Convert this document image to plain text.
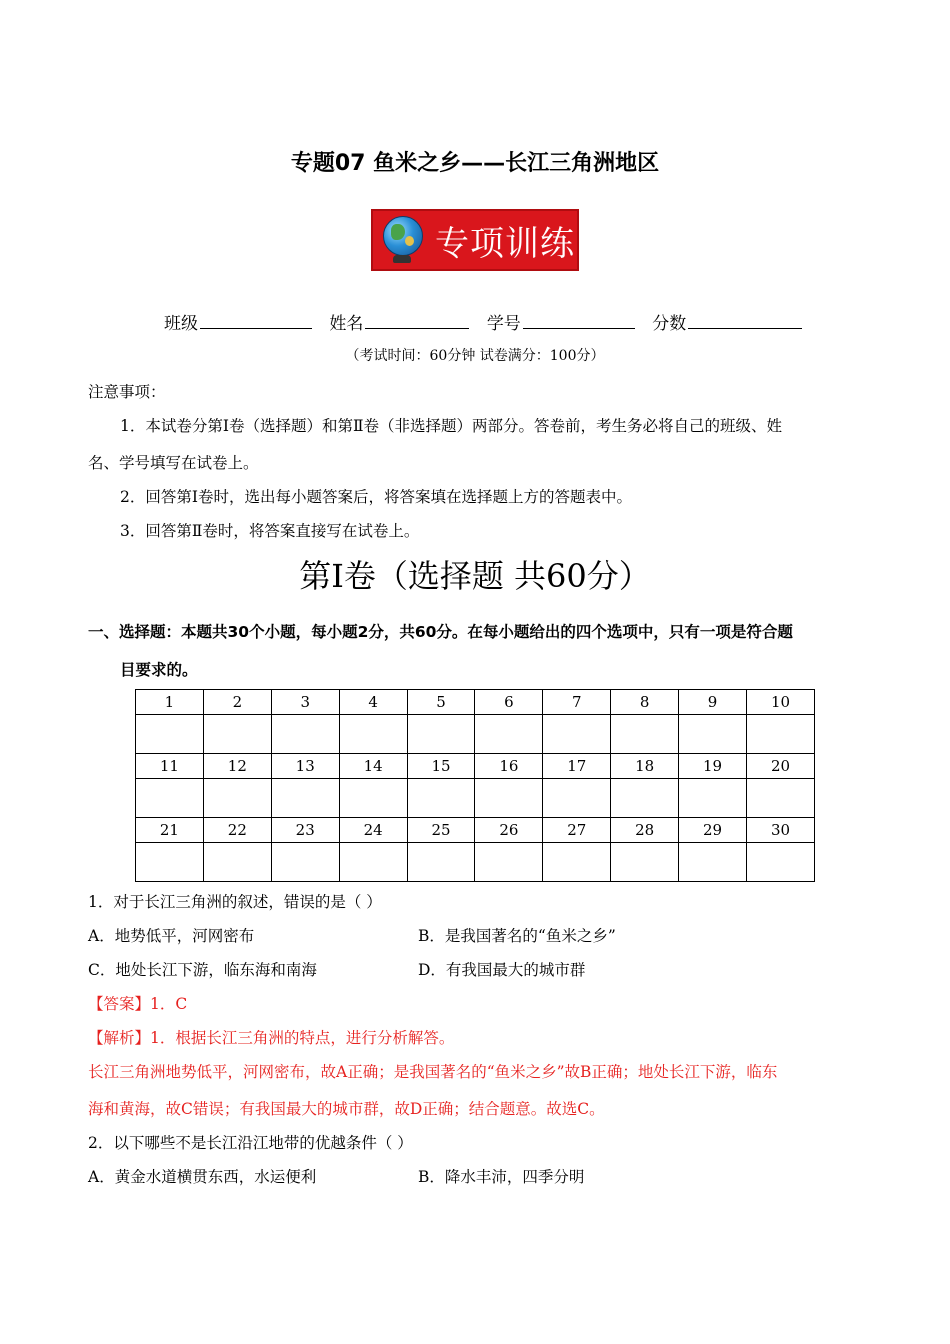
专题07 鱼米之乡——长江三角洲地区
专项训练
班级	姓名	学号	分数
（考试时间：60分钟 试卷满分：100分）
注意事项：
1．本试卷分第Ⅰ卷（选择题）和第Ⅱ卷（非选择题）两部分。答卷前，考生务必将自己的班级、姓
名、学号填写在试卷上。
2．回答第Ⅰ卷时，选出每小题答案后，将答案填在选择题上方的答题表中。
3．回答第Ⅱ卷时，将答案直接写在试卷上。
第Ⅰ卷（选择题 共60分）
一、选择题：本题共30个小题，每小题2分，共60分。在每小题给出的四个选项中，只有一项是符合题
目要求的。
1	2	3	4	5	6	7	8	9	10

11	12	13	14	15	16	17	18	19	20

21	22	23	24	25	26	27	28	29	30

1．对于长江三角洲的叙述，错误的是（ ）
A．地势低平，河网密布	B．是我国著名的“鱼米之乡”
C．地处长江下游，临东海和南海	D．有我国最大的城市群
【答案】1．C
【解析】1．根据长江三角洲的特点，进行分析解答。
长江三角洲地势低平，河网密布，故A正确；是我国著名的“鱼米之乡”故B正确；地处长江下游，临东
海和黄海，故C错误；有我国最大的城市群，故D正确；结合题意。故选C。
2．以下哪些不是长江沿江地带的优越条件（ ）
A．黄金水道横贯东西，水运便利	B．降水丰沛，四季分明
